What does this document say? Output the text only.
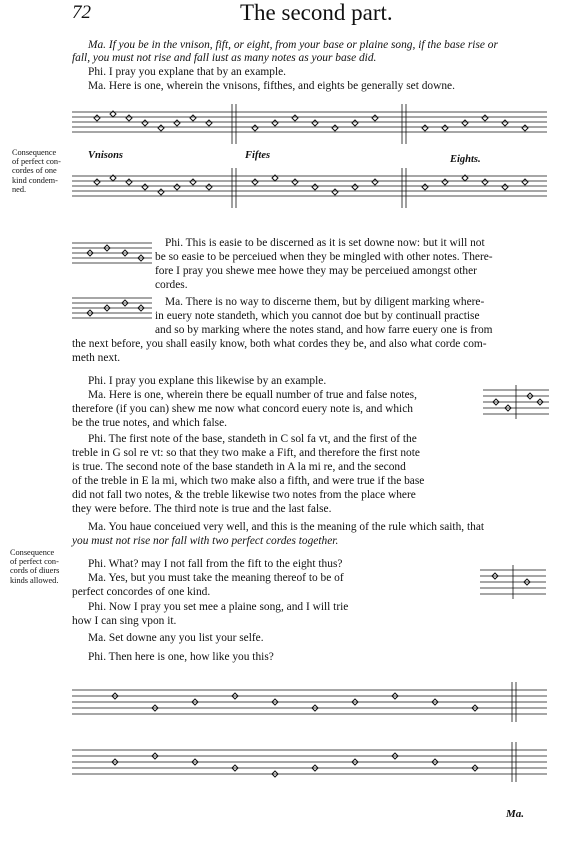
72	The second part.
Ma. If you be in the vnison, fift, or eight, from your base or plaine song, if the base rise or
fall, you must not rise and fall iust as many notes as your base did.
Phi. I pray you explane that by an example.
Ma. Here is one, wherein the vnisons, fifthes, and eights be generally set downe.
Vnisons	Fiftes	Eights.
Consequence
of perfect con-
cordes of one
kind condem-
ned.
Phi. This is easie to be discerned as it is set downe now: but it will not
be so easie to be perceiued when they be mingled with other notes. There-
fore I pray you shewe mee howe they may be perceiued amongst other
cordes.
Ma. There is no way to discerne them, but by diligent marking where-
in euery note standeth, which you cannot doe but by continuall practise
and so by marking where the notes stand, and how farre euery one is from
the next before, you shall easily know, both what cordes they be, and also what corde com-
meth next.
Phi. I pray you explane this likewise by an example.
Ma. Here is one, wherein there be equall number of true and false notes,
therefore (if you can) shew me now what concord euery note is, and which
be the true notes, and which false.
Phi. The first note of the base, standeth in C sol fa vt, and the first of the
treble in G sol re vt: so that they two make a Fift, and therefore the first note
is true. The second note of the base standeth in A la mi re, and the second
of the treble in E la mi, which two make also a fifth, and were true if the base
did not fall two notes, & the treble likewise two notes from the place where
they were before. The third note is true and the last false.
Ma. You haue conceiued very well, and this is the meaning of the rule which saith, that
you must not rise nor fall with two perfect cordes together.
Consequence
of perfect con-
cords of diuers
kinds allowed.
Phi. What? may I not fall from the fift to the eight thus?
Ma. Yes, but you must take the meaning thereof to be of
perfect concordes of one kind.
Phi. Now I pray you set mee a plaine song, and I will trie
how I can sing vpon it.
Ma. Set downe any you list your selfe.
Phi. Then here is one, how like you this?
Ma.
